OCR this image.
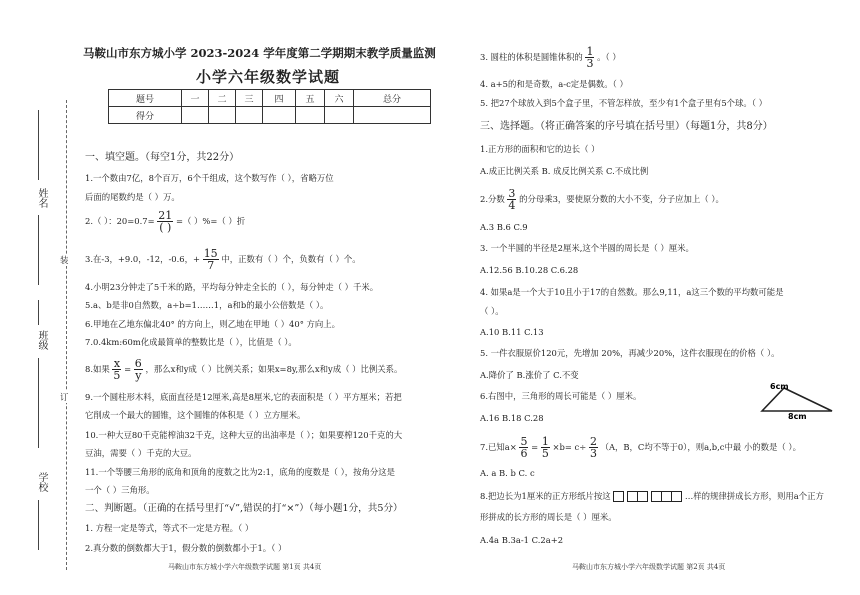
姓名
班级
学校
装
订
马鞍山市东方城小学 2023-2024 学年度第二学期期末教学质量监测
小学六年级数学试题
题号	一	二	三	四	五	六	总分
得分							
一、填空题。（每空1分，共22分）
1.一个数由7亿，8个百万，6个千组成，这个数写作（ ），省略万位
后面的尾数约是（ ）万。
2.（ ）：$20=0.7= \frac{21}{( )}$ =（ ）%=（ ）折
3.在-3，+9.0，-12，-0.6，+ $\frac{15}{7}$ 中，正数有（ ）个，负数有（ ）个。
4.小明23分钟走了5千米的路，平均每分钟走全长的（ ），每分钟走（ ）千米。
5.a、b是非0自然数，a÷b=1……1，a和b的最小公倍数是（ ）。
6.甲地在乙地东偏北40° 的方向上，则乙地在甲地（ ）40° 方向上。
7.0.4km:60m化成最简单的整数比是（ ），比值是（ ）。
8.如果 $\frac{x}{5} = \frac{6}{y}$ ，那么x和y成（ ）比例关系；如果x=8y,那么x和y成（ ）比例关系。
9.一个圆柱形木料，底面直径是12厘米,高是8厘米,它的表面积是（ ）平方厘米；若把
它削成一个最大的圆锥，这个圆锥的体积是（ ）立方厘米。
10.一种大豆80千克能榨油32千克，这种大豆的出油率是（ ）；如果要榨120千克的大
豆油，需要（ ）千克的大豆。
11.一个等腰三角形的底角和顶角的度数之比为2:1，底角的度数是（ ），按角分这是
一个（ ）三角形。
二、判断题。（正确的在括号里打“√”,错误的打“×”）（每小题1分，共5分）
1. 方程一定是等式，等式不一定是方程。（ ）
2.真分数的倒数都大于1，假分数的倒数都小于1。（ ）
马鞍山市东方城小学六年级数学试题 第1页 共4页
3. 圆柱的体积是圆锥体积的 $\frac{1}{3}$ 。（ ）
4. a+5的和是奇数，a-c定是偶数。（ ）
5. 把27个球放入到5个盒子里，不管怎样放，至少有1个盒子里有5个球。（ ）
三、选择题。（将正确答案的序号填在括号里）（每题1分，共8分）
1.正方形的面积和它的边长（ ）
A.成正比例关系 B. 成反比例关系 C.不成比例
2.分数 $\frac{3}{4}$ 的分母乘3，要使原分数的大小不变，分子应加上（ ）。
A.3 B.6 C.9
3. 一个半圆的半径是2厘米,这个半圆的周长是（ ）厘米。
A.12.56 B.10.28 C.6.28
4. 如果a是一个大于10且小于17的自然数。那么9,11，a这三个数的平均数可能是
（ ）。
A.10 B.11 C.13
5. 一件衣服原价120元，先增加 20%，再减少20%，这件衣服现在的价格（ ）。
A.降价了 B.涨价了 C.不变
6.右图中，三角形的周长可能是（ ）厘米。
A.16 B.18 C.28
6cm
8cm
7.已知$a\times \frac{5}{6} = \frac{1}{5} \times b= c\div \frac{2}{3} (A$，B，C均不等于0），则a,b,c中最 小的数是（ ）。
A. a B. b C. c
8.把边长为1厘米的正方形纸片按这	…样的规律拼成长方形，则用a个正方
形拼成的长方形的周长是（ ）厘米。
A.4a B.3a-1 C.2a+2
马鞍山市东方城小学六年级数学试题 第2页 共4页
